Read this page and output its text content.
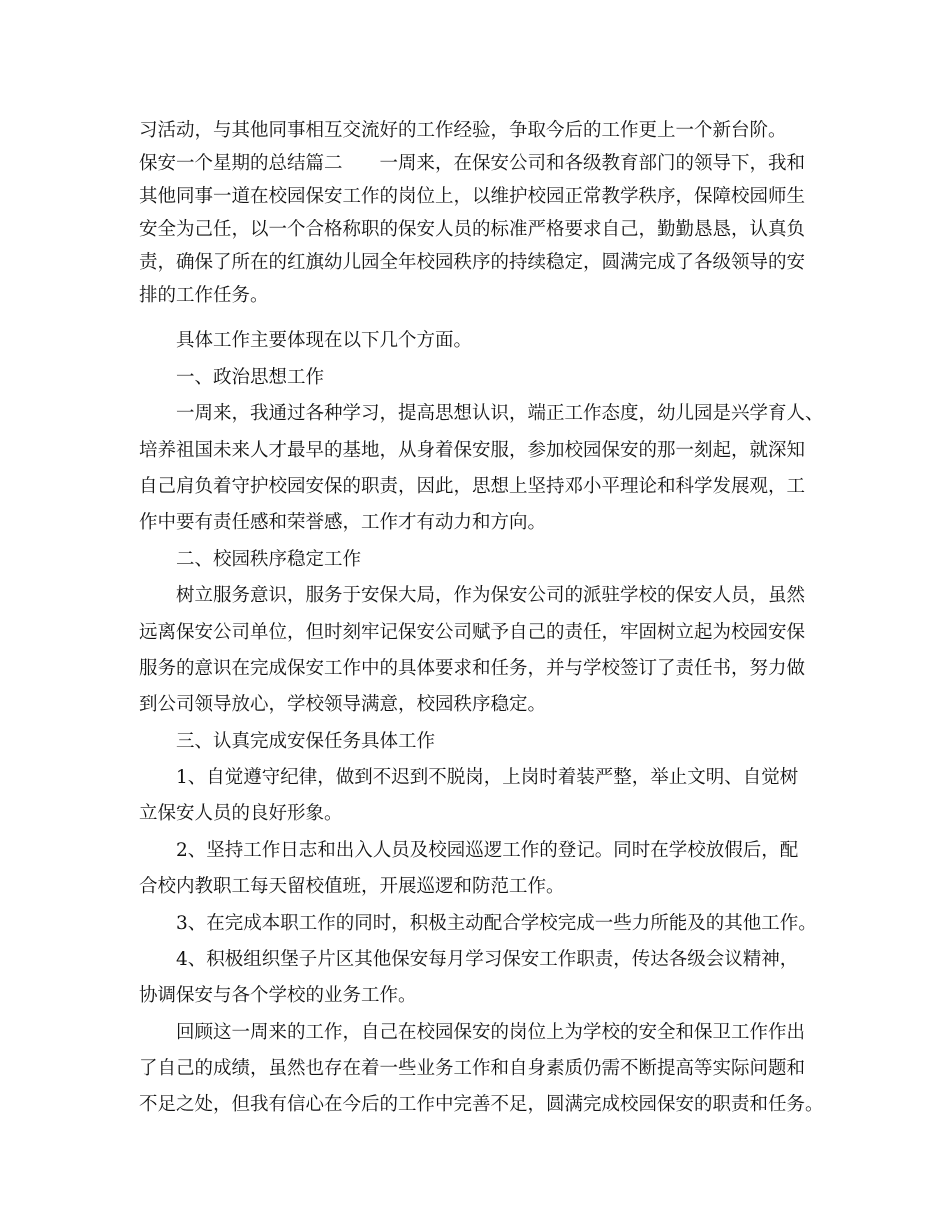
习活动，与其他同事相互交流好的工作经验，争取今后的工作更上一个新台阶。
保安一个星期的总结篇二　　一周来，在保安公司和各级教育部门的领导下，我和
其他同事一道在校园保安工作的岗位上，以维护校园正常教学秩序，保障校园师生
安全为己任，以一个合格称职的保安人员的标准严格要求自己，勤勤恳恳，认真负
责，确保了所在的红旗幼儿园全年校园秩序的持续稳定，圆满完成了各级领导的安
排的工作任务。
具体工作主要体现在以下几个方面。
一、政治思想工作
一周来，我通过各种学习，提高思想认识，端正工作态度，幼儿园是兴学育人、
培养祖国未来人才最早的基地，从身着保安服，参加校园保安的那一刻起，就深知
自己肩负着守护校园安保的职责，因此，思想上坚持邓小平理论和科学发展观，工
作中要有责任感和荣誉感，工作才有动力和方向。
二、校园秩序稳定工作
树立服务意识，服务于安保大局，作为保安公司的派驻学校的保安人员，虽然
远离保安公司单位，但时刻牢记保安公司赋予自己的责任，牢固树立起为校园安保
服务的意识在完成保安工作中的具体要求和任务，并与学校签订了责任书，努力做
到公司领导放心，学校领导满意，校园秩序稳定。
三、认真完成安保任务具体工作
1、自觉遵守纪律，做到不迟到不脱岗，上岗时着装严整，举止文明、自觉树
立保安人员的良好形象。
2、坚持工作日志和出入人员及校园巡逻工作的登记。同时在学校放假后，配
合校内教职工每天留校值班，开展巡逻和防范工作。
3、在完成本职工作的同时，积极主动配合学校完成一些力所能及的其他工作。
4、积极组织堡子片区其他保安每月学习保安工作职责，传达各级会议精神，
协调保安与各个学校的业务工作。
回顾这一周来的工作，自己在校园保安的岗位上为学校的安全和保卫工作作出
了自己的成绩，虽然也存在着一些业务工作和自身素质仍需不断提高等实际问题和
不足之处，但我有信心在今后的工作中完善不足，圆满完成校园保安的职责和任务。
